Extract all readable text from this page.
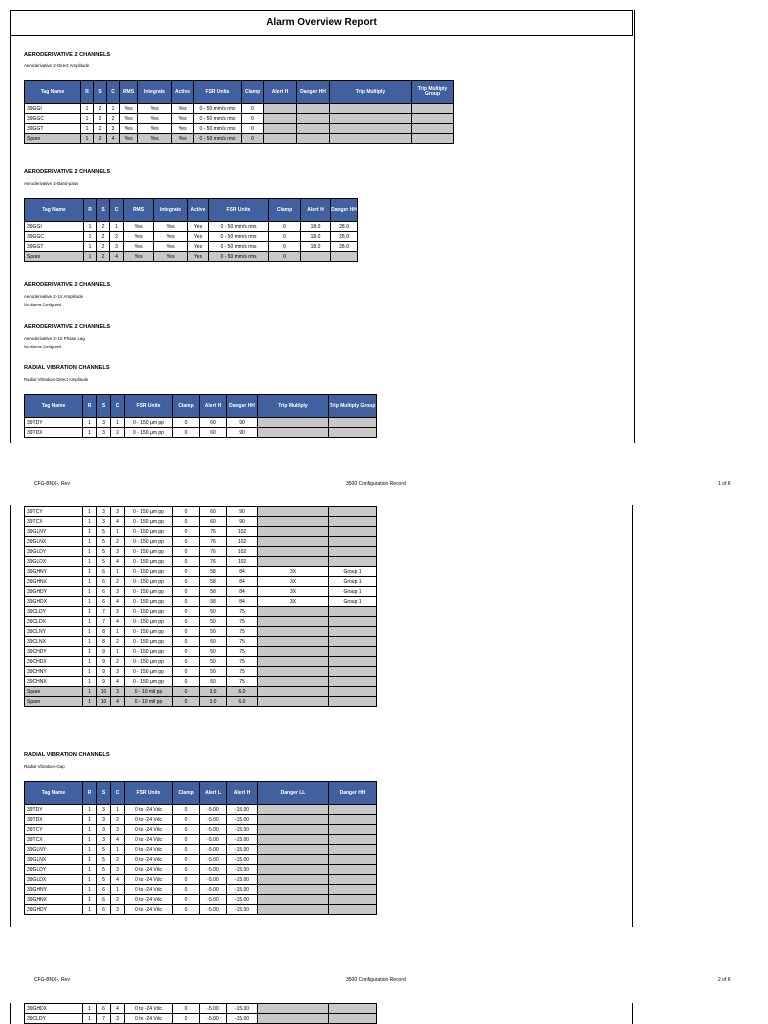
Alarm Overview Report
AERODERIVATIVE 2 CHANNELS
Aeroderivative 2-Direct Amplitude
Tag Name	R	S	C	RMS	Integrate	Active	FSR Units	Clamp	Alert H	Danger HH	Trip Multiply	Trip Multiply Group
39GGI	1	2	1	Yes	Yes	Yes	0 - 50 mm/s rms	0				
39GGC	1	2	2	Yes	Yes	Yes	0 - 50 mm/s rms	0				
39GGT	1	2	3	Yes	Yes	Yes	0 - 50 mm/s rms	0				
Spare	1	2	4	Yes	Yes	Yes	0 - 50 mm/s rms	0				
AERODERIVATIVE 2 CHANNELS
Aeroderivative 2-Band-pass
Tag Name	R	S	C	RMS	Integrate	Active	FSR Units	Clamp	Alert H	Danger HH
39GGI	1	2	1	Yes	Yes	Yes	0 - 50 mm/s rms	0	18.0	28.0
39GGC	1	2	2	Yes	Yes	Yes	0 - 50 mm/s rms	0	18.0	28.0
39GGT	1	2	3	Yes	Yes	Yes	0 - 50 mm/s rms	0	18.0	28.0
Spare	1	2	4	Yes	Yes	Yes	0 - 50 mm/s rms	0		
AERODERIVATIVE 2 CHANNELS
Aeroderivative 2-1X Amplitude
No Alarms Configured
AERODERIVATIVE 2 CHANNELS
Aeroderivative 2-1X Phase Lag
No Alarms Configured
RADIAL VIBRATION CHANNELS
Radial Vibration-Direct Amplitude
Tag Name	R	S	C	FSR Units	Clamp	Alert H	Danger HH	Trip Multiply	Trip Multiply Group
39TDY	1	3	1	0 - 150 µm pp	0	60	90		
39TDX	1	3	2	0 - 150 µm pp	0	60	90		
CFG-BNX-, Rev	3500 Configuration Record	1 of 6
39TCY	1	3	3	0 - 150 µm pp	0	60	90		
39TCX	1	3	4	0 - 150 µm pp	0	60	90		
39GLNY	1	5	1	0 - 150 µm pp	0	76	102		
39GLNX	1	5	2	0 - 150 µm pp	0	76	102		
39GLDY	1	5	3	0 - 150 µm pp	0	76	102		
39GLDX	1	5	4	0 - 150 µm pp	0	76	102		
39GHNY	1	6	1	0 - 150 µm pp	0	58	84	3X	Group 1
39GHNX	1	6	2	0 - 150 µm pp	0	58	84	3X	Group 1
39GHDY	1	6	3	0 - 150 µm pp	0	58	84	3X	Group 1
39GHDX	1	6	4	0 - 150 µm pp	0	58	84	3X	Group 1
39CLDY	1	7	3	0 - 150 µm pp	0	50	75		
39CLDX	1	7	4	0 - 150 µm pp	0	50	75		
39CLNY	1	8	1	0 - 150 µm pp	0	50	75		
39CLNX	1	8	2	0 - 150 µm pp	0	50	75		
39CHDY	1	9	1	0 - 150 µm pp	0	50	75		
39CHDX	1	9	2	0 - 150 µm pp	0	50	75		
39CHNY	1	9	3	0 - 150 µm pp	0	50	75		
39CHNX	1	9	4	0 - 150 µm pp	0	50	75		
Spare	1	10	3	0 - 10 mil pp	0	3.0	6.0		
Spare	1	10	4	0 - 10 mil pp	0	3.0	6.0		
RADIAL VIBRATION CHANNELS
Radial Vibration-Gap
Tag Name	R	S	C	FSR Units	Clamp	Alert L	Alert H	Danger LL	Danger HH
39TDY	1	3	1	0 to -24 Vdc	0	-5.00	-15.00		
39TDX	1	3	2	0 to -24 Vdc	0	-5.00	-15.00		
39TCY	1	3	3	0 to -24 Vdc	0	-5.00	-15.00		
39TCX	1	3	4	0 to -24 Vdc	0	-5.00	-15.00		
39GLNY	1	5	1	0 to -24 Vdc	0	-5.00	-15.00		
39GLNX	1	5	2	0 to -24 Vdc	0	-5.00	-15.00		
39GLDY	1	5	3	0 to -24 Vdc	0	-5.00	-15.00		
39GLDX	1	5	4	0 to -24 Vdc	0	-5.00	-15.00		
39GHNY	1	6	1	0 to -24 Vdc	0	-5.00	-15.00		
39GHNX	1	6	2	0 to -24 Vdc	0	-5.00	-15.00		
39GHDY	1	6	3	0 to -24 Vdc	0	-5.00	-15.00		
CFG-BNX-, Rev	3500 Configuration Record	2 of 6
39GHDX	1	6	4	0 to -24 Vdc	0	-5.00	-15.00		
39CLDY	1	7	3	0 to -24 Vdc	0	-5.00	-15.00		
